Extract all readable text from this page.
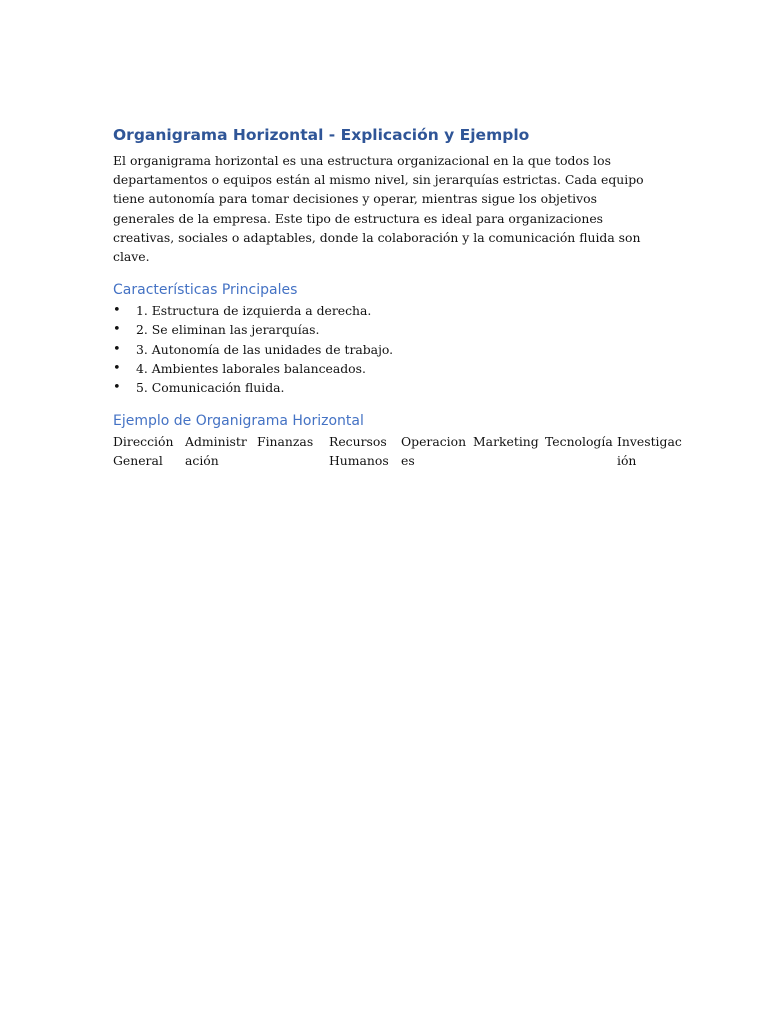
Organigrama Horizontal - Explicación y Ejemplo

El organigrama horizontal es una estructura organizacional en la que todos los departamentos o equipos están al mismo nivel, sin jerarquías estrictas. Cada equipo tiene autonomía para tomar decisiones y operar, mientras sigue los objetivos generales de la empresa. Este tipo de estructura es ideal para organizaciones creativas, sociales o adaptables, donde la colaboración y la comunicación fluida son clave.

Características Principales
• 1. Estructura de izquierda a derecha.
• 2. Se eliminan las jerarquías.
• 3. Autonomía de las unidades de trabajo.
• 4. Ambientes laborales balanceados.
• 5. Comunicación fluida.
Ejemplo de Organigrama Horizontal
Dirección General	Administración	Finanzas	Recursos Humanos	Operaciones	Marketing	Tecnología	Investigación
